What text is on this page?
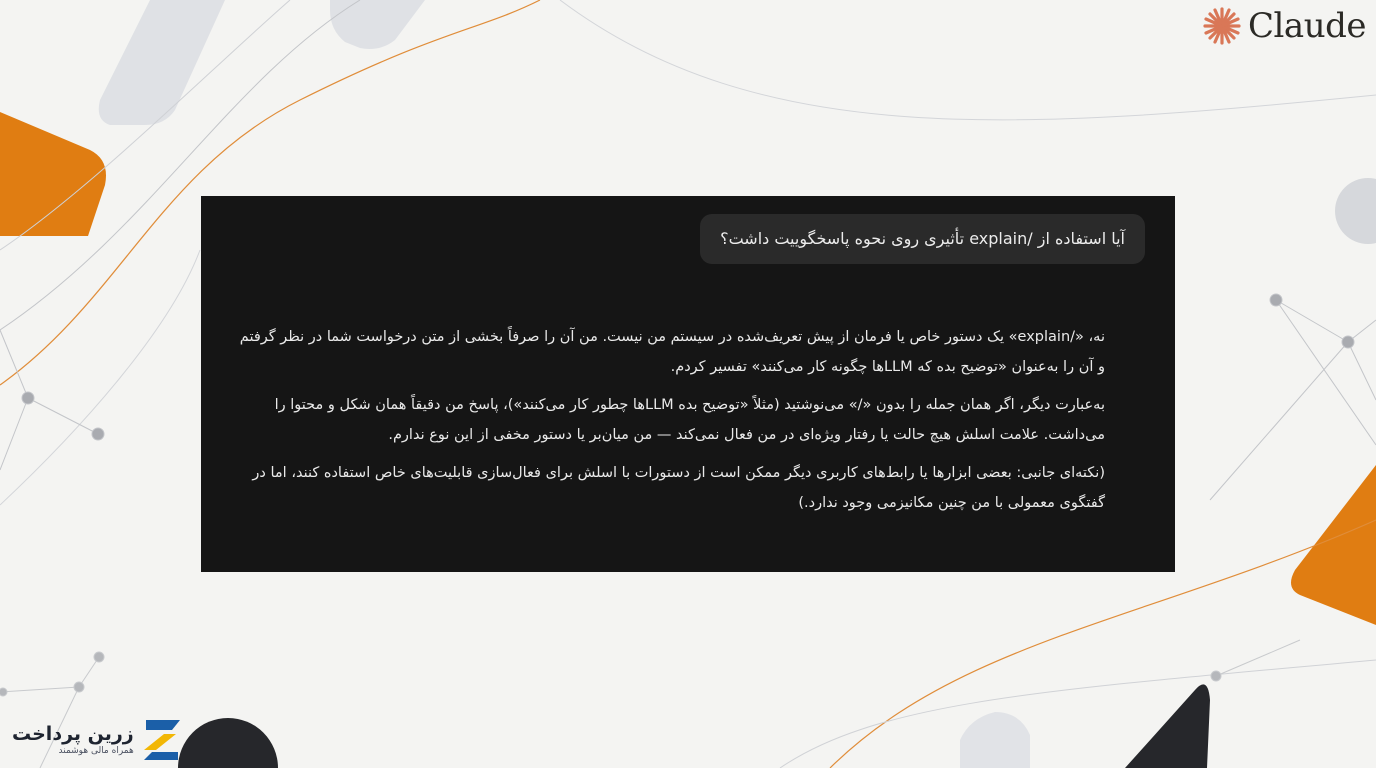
Claude
آیا استفاده از /explain تأثیری روی نحوه پاسخگوییت داشت؟

نه، «/explain» یک دستور خاص یا فرمان از پیش تعریف‌شده در سیستم من نیست. من آن را صرفاً بخشی از متن درخواست شما در نظر گرفتم و آن را به‌عنوان «توضیح بده که LLMها چگونه کار می‌کنند» تفسیر کردم.

به‌عبارت دیگر، اگر همان جمله را بدون «/» می‌نوشتید (مثلاً «توضیح بده LLMها چطور کار می‌کنند»)، پاسخ من دقیقاً همان شکل و محتوا را می‌داشت. علامت اسلش هیچ حالت یا رفتار ویژه‌ای در من فعال نمی‌کند — من میان‌بر یا دستور مخفی از این نوع ندارم.

(نکته‌ای جانبی: بعضی ابزارها یا رابط‌های کاربری دیگر ممکن است از دستورات با اسلش برای فعال‌سازی قابلیت‌های خاص استفاده کنند، اما در گفتگوی معمولی با من چنین مکانیزمی وجود ندارد.)

زرین پرداخت
همراه مالی هوشمند
